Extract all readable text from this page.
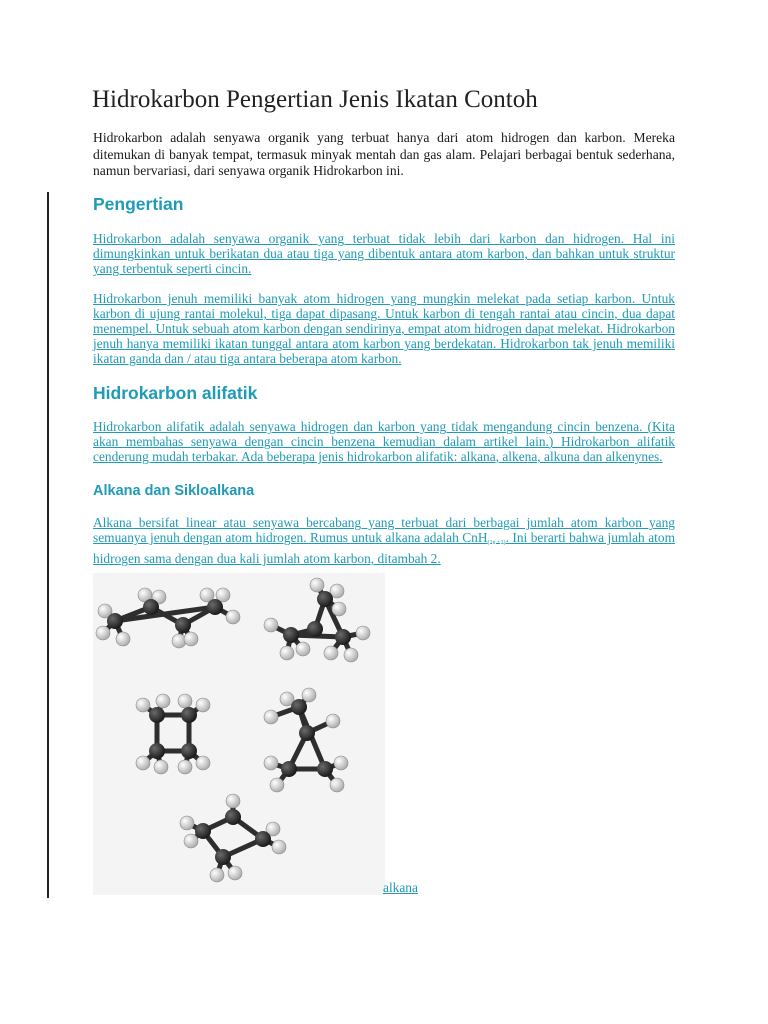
Hidrokarbon Pengertian Jenis Ikatan Contoh

Hidrokarbon adalah senyawa organik yang terbuat hanya dari atom hidrogen dan karbon. Mereka ditemukan di banyak tempat, termasuk minyak mentah dan gas alam. Pelajari berbagai bentuk sederhana, namun bervariasi, dari senyawa organik Hidrokarbon ini.

Pengertian

Hidrokarbon adalah senyawa organik yang terbuat tidak lebih dari karbon dan hidrogen. Hal ini dimungkinkan untuk berikatan dua atau tiga yang dibentuk antara atom karbon, dan bahkan untuk struktur yang terbentuk seperti cincin.

Hidrokarbon jenuh memiliki banyak atom hidrogen yang mungkin melekat pada setiap karbon. Untuk karbon di ujung rantai molekul, tiga dapat dipasang. Untuk karbon di tengah rantai atau cincin, dua dapat menempel. Untuk sebuah atom karbon dengan sendirinya, empat atom hidrogen dapat melekat. Hidrokarbon jenuh hanya memiliki ikatan tunggal antara atom karbon yang berdekatan. Hidrokarbon tak jenuh memiliki ikatan ganda dan / atau tiga antara beberapa atom karbon.

Hidrokarbon alifatik

Hidrokarbon alifatik adalah senyawa hidrogen dan karbon yang tidak mengandung cincin benzena. (Kita akan membahas senyawa dengan cincin benzena kemudian dalam artikel lain.) Hidrokarbon alifatik cenderung mudah terbakar. Ada beberapa jenis hidrokarbon alifatik: alkana, alkena, alkuna dan alkenynes.

Alkana dan Sikloalkana

Alkana bersifat linear atau senyawa bercabang yang terbuat dari berbagai jumlah atom karbon yang semuanya jenuh dengan atom hidrogen. Rumus untuk alkana adalah CnH$_{(2n +2)}$. Ini berarti bahwa jumlah atom hidrogen sama dengan dua kali jumlah atom karbon, ditambah 2.

alkana
